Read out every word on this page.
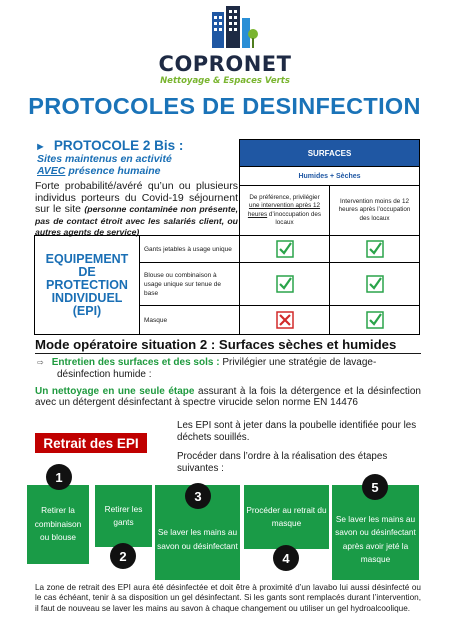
COPRONET
Nettoyage & Espaces Verts
PROTOCOLES DE DESINFECTION
► PROTOCOLE 2 Bis :
Sites maintenus en activité
AVEC présence humaine
Forte probabilité/avéré qu’un ou plusieurs individus porteurs du Covid-19 séjournent sur le site (personne contaminée non présente, pas de contact étroit avec les salariés client, ou autres agents de service)
SURFACES
Humides + Sèches
De préférence, privilégier une intervention après 12 heures d’inoccupation des locaux
Intervention moins de 12 heures après l’occupation des locaux
EQUIPEMENT DE PROTECTION INDIVIDUEL (EPI)
Gants jetables à usage unique
Blouse ou combinaison à usage unique sur tenue de base
Masque
Mode opératoire situation 2 : Surfaces sèches et humides
⇨ Entretien des surfaces et des sols : Privilégier une stratégie de lavage-
désinfection humide :
Un nettoyage en une seule étape assurant à la fois la détergence et la désinfection avec un détergent désinfectant à spectre virucide selon norme EN 14476
Retrait des EPI
Les EPI sont à jeter dans la poubelle identifiée pour les déchets souillés.
Procéder dans l’ordre à la réalisation des étapes suivantes :
Retirer la combinaison ou blouse
Retirer les gants
Se laver les mains au savon ou désinfectant
Procéder au retrait du masque	Se laver les mains au savon ou désinfectant après avoir jeté la masque
1
2
3
4
5
La zone de retrait des EPI aura été désinfectée et doit être à proximité d’un lavabo lui aussi désinfecté ou le cas échéant, tenir à sa disposition un gel désinfectant. Si les gants sont remplacés durant l’intervention, il faut de nouveau se laver les mains au savon à chaque changement ou utiliser un gel hydroalcoolique.
